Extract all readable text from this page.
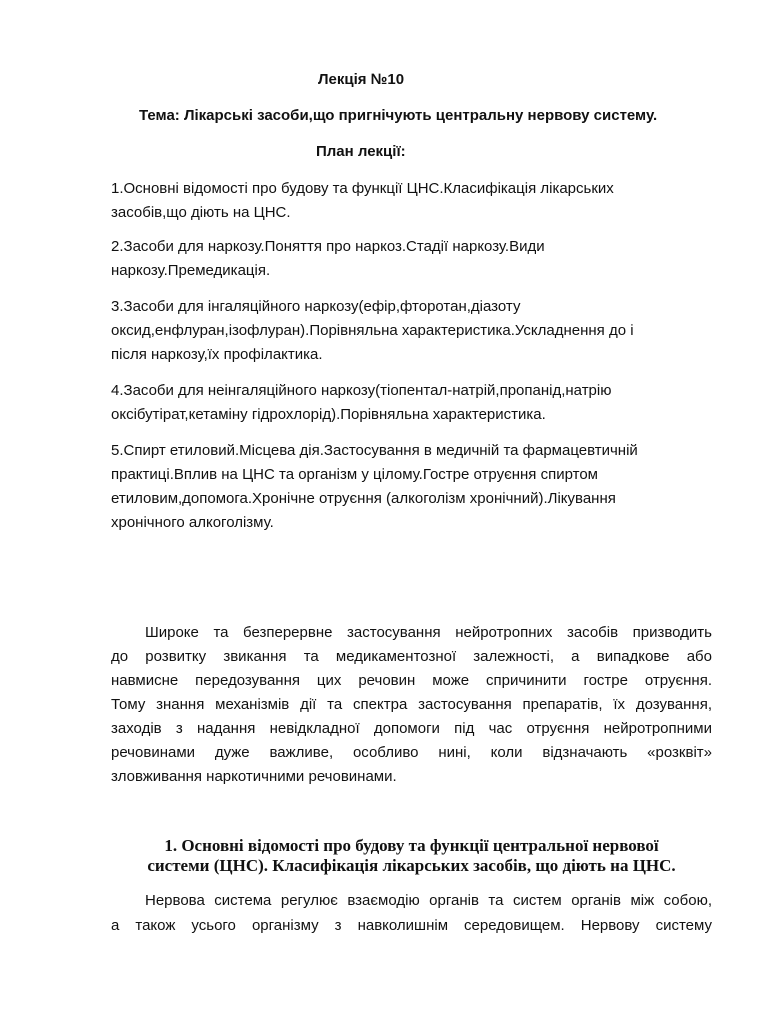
Лекція №10
Тема: Лікарські засоби,що пригнічують центральну нервову систему.
План лекції:
1.Основні відомості про будову та функції ЦНС.Класифікація лікарських
засобів,що діють на ЦНС.
2.Засоби для наркозу.Поняття про наркоз.Стадії наркозу.Види
наркозу.Премедикація.
3.Засоби для інгаляційного наркозу(ефір,фторотан,діазоту
оксид,енфлуран,ізофлуран).Порівняльна характеристика.Ускладнення до і
після наркозу,їх профілактика.
4.Засоби для неінгаляційного наркозу(тіопентал-натрій,пропанід,натрію
оксібутірат,кетаміну гідрохлорід).Порівняльна характеристика.
5.Спирт етиловий.Місцева дія.Застосування в медичній та фармацевтичній
практиці.Вплив на ЦНС та організм у цілому.Гостре отруєння спиртом
етиловим,допомога.Хронічне отруєння (алкоголізм хронічний).Лікування
хронічного алкоголізму.
Широке та безперервне застосування нейротропних засобів призводить
до розвитку звикання та медикаментозної залежності, а випадкове або
навмисне передозування цих речовин може спричинити гостре отруєння.
Тому знання механізмів дії та спектра застосування препаратів, їх дозування,
заходів з надання невідкладної допомоги під час отруєння нейротропними
речовинами дуже важливе, особливо нині, коли відзначають «розквіт»
зловживання наркотичними речовинами.
1. Основні відомості про будову та функції центральної нервової
системи (ЦНС). Класифікація лікарських засобів, що діють на ЦНС.
Нервова система регулює взаємодію органів та систем органів між собою,
а також усього організму з навколишнім середовищем. Нервову систему
